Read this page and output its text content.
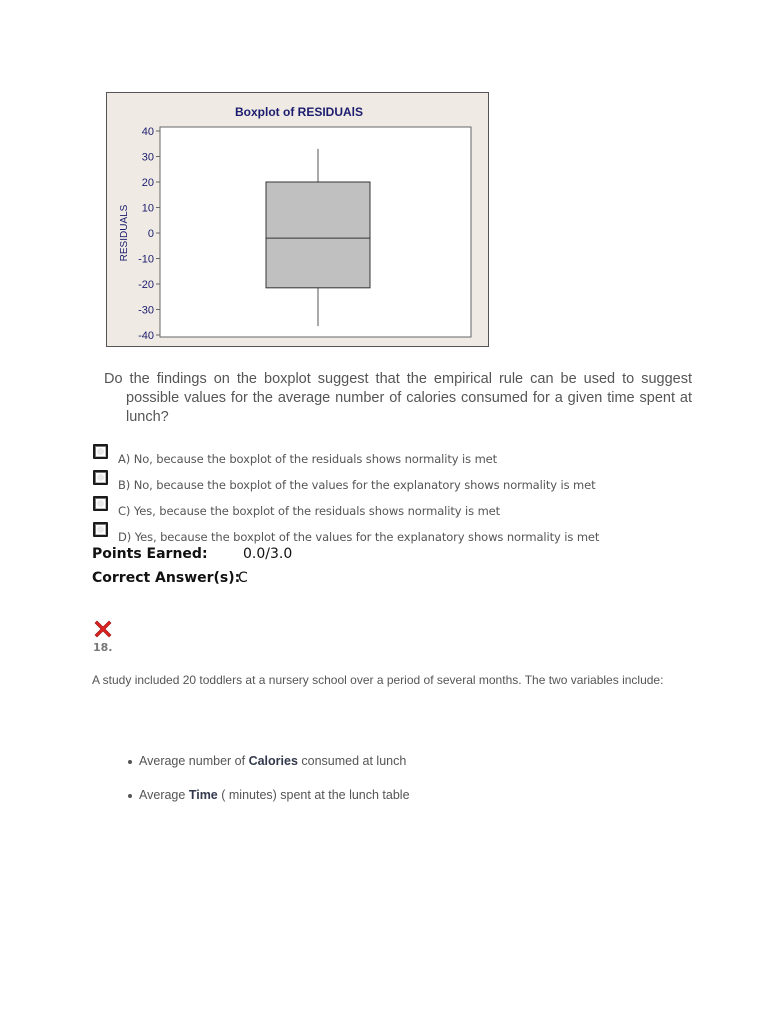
Boxplot of RESIDUAlS
RESIDUALS
40
30
20
10
0
-10
-20
-30
-40
Do the findings on the boxplot suggest that the empirical rule can be used to suggest possible values for the average number of calories consumed for a given time spent at lunch?
A) No, because the boxplot of the residuals shows normality is met
B) No, because the boxplot of the values for the explanatory shows normality is met
C) Yes, because the boxplot of the residuals shows normality is met
D) Yes, because the boxplot of the values for the explanatory shows normality is met
Points Earned:	0.0/3.0
Correct Answer(s):
C
18.
A study included 20 toddlers at a nursery school over a period of several months. The two variables include:
Average number of Calories consumed at lunch
Average Time ( minutes) spent at the lunch table
